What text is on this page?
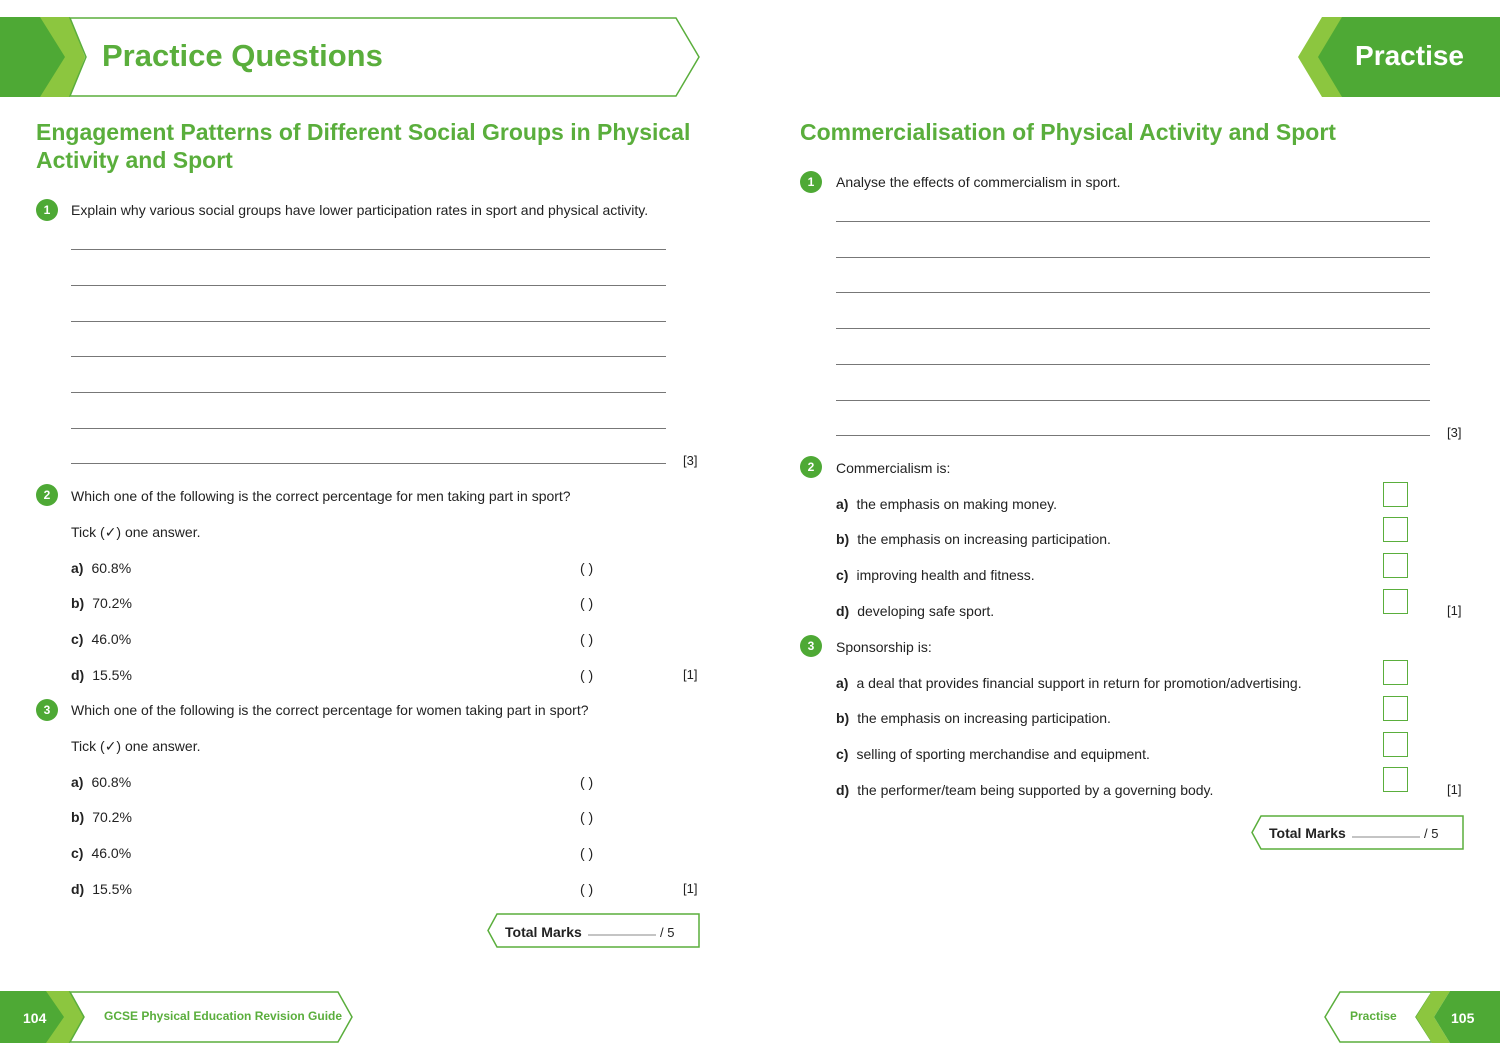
Practice Questions	Practise
Engagement Patterns of Different Social Groups in Physical
Activity and Sport
1	Explain why various social groups have lower participation rates in sport and physical activity.
[3]
2	Which one of the following is the correct percentage for men taking part in sport?
Tick (✓) one answer.
a) 60.8%	( )
b) 70.2%	( )
c) 46.0%	( )
d) 15.5%	( )	[1]
3	Which one of the following is the correct percentage for women taking part in sport?
Tick (✓) one answer.
a) 60.8%	( )
b) 70.2%	( )
c) 46.0%	( )
d) 15.5%	( )	[1]
Total Marks	/ 5
Commercialisation of Physical Activity and Sport
1	Analyse the effects of commercialism in sport.
[3]
2	Commercialism is:
a) the emphasis on making money.
b) the emphasis on increasing participation.
c) improving health and fitness.
d) developing safe sport.	[1]
3	Sponsorship is:
a) a deal that provides financial support in return for promotion/advertising.
b) the emphasis on increasing participation.
c) selling of sporting merchandise and equipment.
d) the performer/team being supported by a governing body.	[1]
Total Marks	/ 5
104	GCSE Physical Education Revision Guide	Practise	105
